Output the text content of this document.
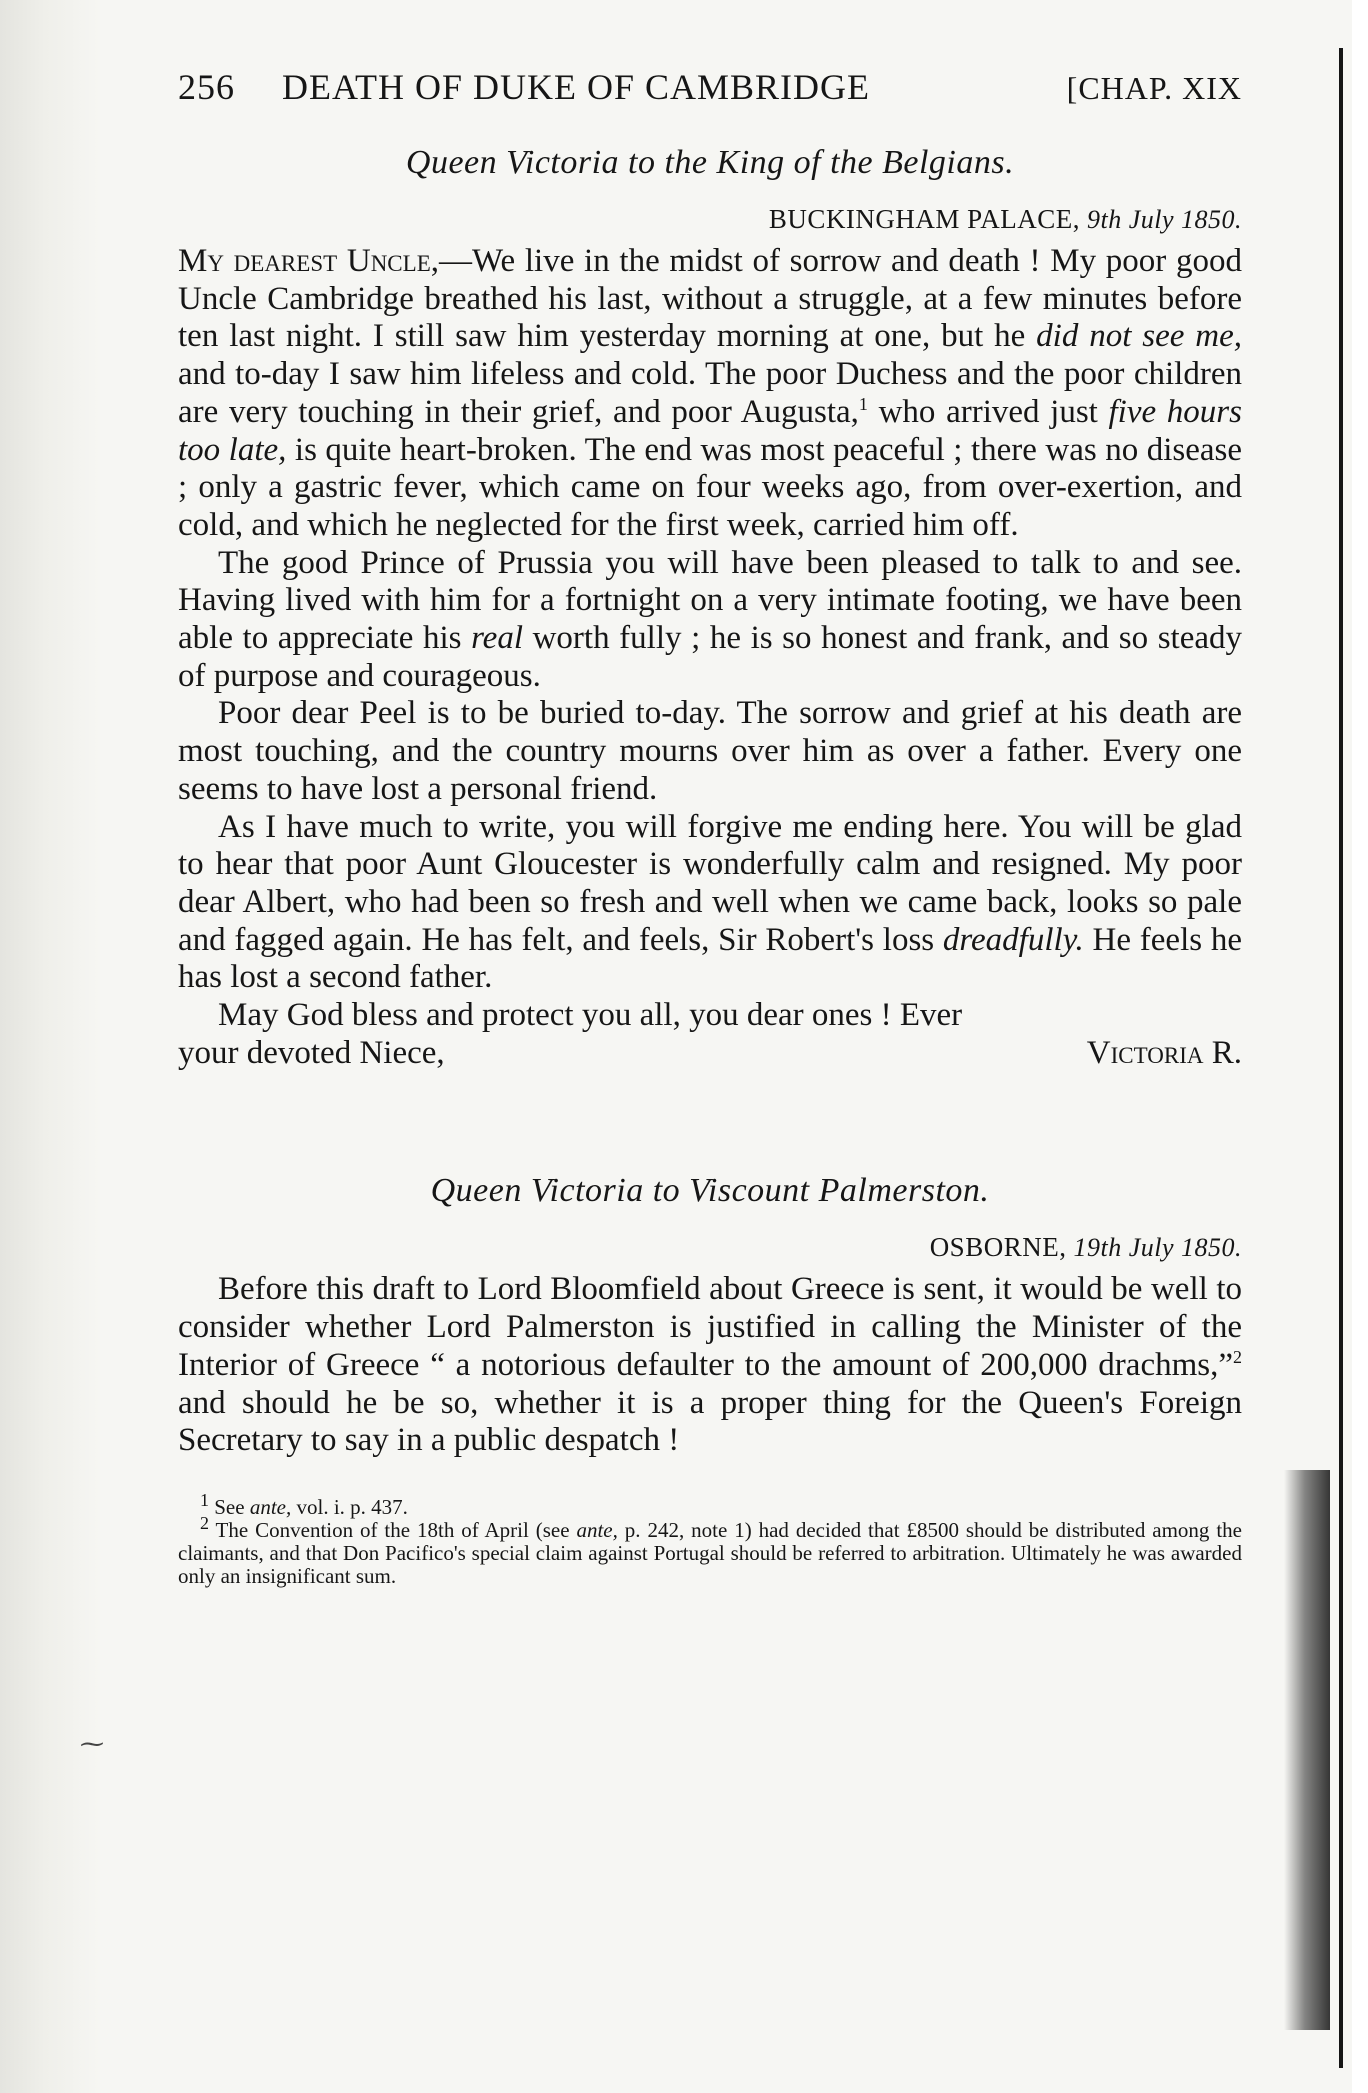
⁓
256	DEATH OF DUKE OF CAMBRIDGE	[CHAP. XIX
Queen Victoria to the King of the Belgians.
BUCKINGHAM PALACE, 9th July 1850.

My dearest Uncle,—We live in the midst of sorrow and death ! My poor good Uncle Cambridge breathed his last, without a struggle, at a few minutes before ten last night. I still saw him yesterday morning at one, but he did not see me, and to-day I saw him lifeless and cold. The poor Duchess and the poor children are very touching in their grief, and poor Augusta,$^1$ who arrived just five hours too late, is quite heart-broken. The end was most peaceful ; there was no disease ; only a gastric fever, which came on four weeks ago, from over-exertion, and cold, and which he neglected for the first week, carried him off.

The good Prince of Prussia you will have been pleased to talk to and see. Having lived with him for a fortnight on a very intimate footing, we have been able to appreciate his real worth fully ; he is so honest and frank, and so steady of purpose and courageous.

Poor dear Peel is to be buried to-day. The sorrow and grief at his death are most touching, and the country mourns over him as over a father. Every one seems to have lost a personal friend.

As I have much to write, you will forgive me ending here. You will be glad to hear that poor Aunt Gloucester is wonderfully calm and resigned. My poor dear Albert, who had been so fresh and well when we came back, looks so pale and fagged again. He has felt, and feels, Sir Robert's loss dreadfully. He feels he has lost a second father.

May God bless and protect you all, you dear ones ! Ever

your devoted Niece,	Victoria R.
Queen Victoria to Viscount Palmerston.
OSBORNE, 19th July 1850.

Before this draft to Lord Bloomfield about Greece is sent, it would be well to consider whether Lord Palmerston is justified in calling the Minister of the Interior of Greece “ a notorious defaulter to the amount of 200,000 drachms,”$^2$ and should he be so, whether it is a proper thing for the Queen's Foreign Secretary to say in a public despatch !

1 See ante, vol. i. p. 437.
2 The Convention of the 18th of April (see ante, p. 242, note 1) had decided that £8500 should be distributed among the claimants, and that Don Pacifico's special claim against Portugal should be referred to arbitration. Ultimately he was awarded only an insignificant sum.
